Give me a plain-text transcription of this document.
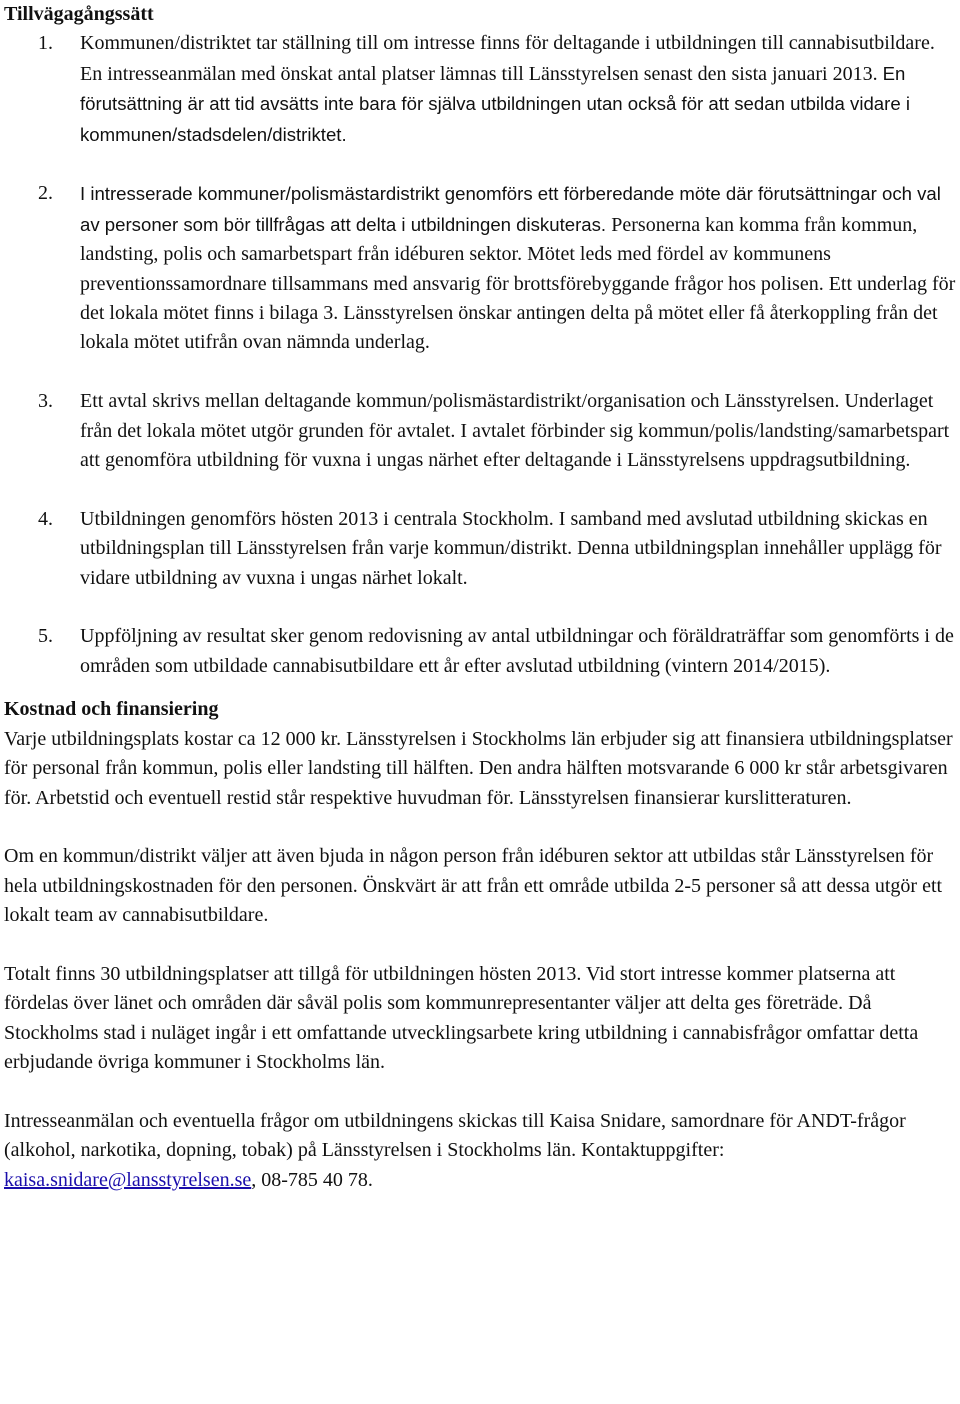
Tillvägagångssätt
1. Kommunen/distriktet tar ställning till om intresse finns för deltagande i utbildningen till cannabisutbildare. En intresseanmälan med önskat antal platser lämnas till Länsstyrelsen senast den sista januari 2013. En förutsättning är att tid avsätts inte bara för själva utbildningen utan också för att sedan utbilda vidare i kommunen/stadsdelen/distriktet.
2. I intresserade kommuner/polismästardistrikt genomförs ett förberedande möte där förutsättningar och val av personer som bör tillfrågas att delta i utbildningen diskuteras. Personerna kan komma från kommun, landsting, polis och samarbetspart från idéburen sektor. Mötet leds med fördel av kommunens preventionssamordnare tillsammans med ansvarig för brottsförebyggande frågor hos polisen. Ett underlag för det lokala mötet finns i bilaga 3. Länsstyrelsen önskar antingen delta på mötet eller få återkoppling från det lokala mötet utifrån ovan nämnda underlag.
3. Ett avtal skrivs mellan deltagande kommun/polismästardistrikt/organisation och Länsstyrelsen. Underlaget från det lokala mötet utgör grunden för avtalet. I avtalet förbinder sig kommun/polis/landsting/samarbetspart att genomföra utbildning för vuxna i ungas närhet efter deltagande i Länsstyrelsens uppdragsutbildning.
4. Utbildningen genomförs hösten 2013 i centrala Stockholm. I samband med avslutad utbildning skickas en utbildningsplan till Länsstyrelsen från varje kommun/distrikt. Denna utbildningsplan innehåller upplägg för vidare utbildning av vuxna i ungas närhet lokalt.
5. Uppföljning av resultat sker genom redovisning av antal utbildningar och föräldraträffar som genomförts i de områden som utbildade cannabisutbildare ett år efter avslutad utbildning (vintern 2014/2015).
Kostnad och finansiering

Varje utbildningsplats kostar ca 12 000 kr. Länsstyrelsen i Stockholms län erbjuder sig att finansiera utbildningsplatser för personal från kommun, polis eller landsting till hälften. Den andra hälften motsvarande 6 000 kr står arbetsgivaren för. Arbetstid och eventuell restid står respektive huvudman för. Länsstyrelsen finansierar kurslitteraturen.

Om en kommun/distrikt väljer att även bjuda in någon person från idéburen sektor att utbildas står Länsstyrelsen för hela utbildningskostnaden för den personen. Önskvärt är att från ett område utbilda 2-5 personer så att dessa utgör ett lokalt team av cannabisutbildare.

Totalt finns 30 utbildningsplatser att tillgå för utbildningen hösten 2013. Vid stort intresse kommer platserna att fördelas över länet och områden där såväl polis som kommunrepresentanter väljer att delta ges företräde. Då Stockholms stad i nuläget ingår i ett omfattande utvecklingsarbete kring utbildning i cannabisfrågor omfattar detta erbjudande övriga kommuner i Stockholms län.

Intresseanmälan och eventuella frågor om utbildningens skickas till Kaisa Snidare, samordnare för ANDT-frågor (alkohol, narkotika, dopning, tobak) på Länsstyrelsen i Stockholms län. Kontaktuppgifter: kaisa.snidare@lansstyrelsen.se, 08-785 40 78.
